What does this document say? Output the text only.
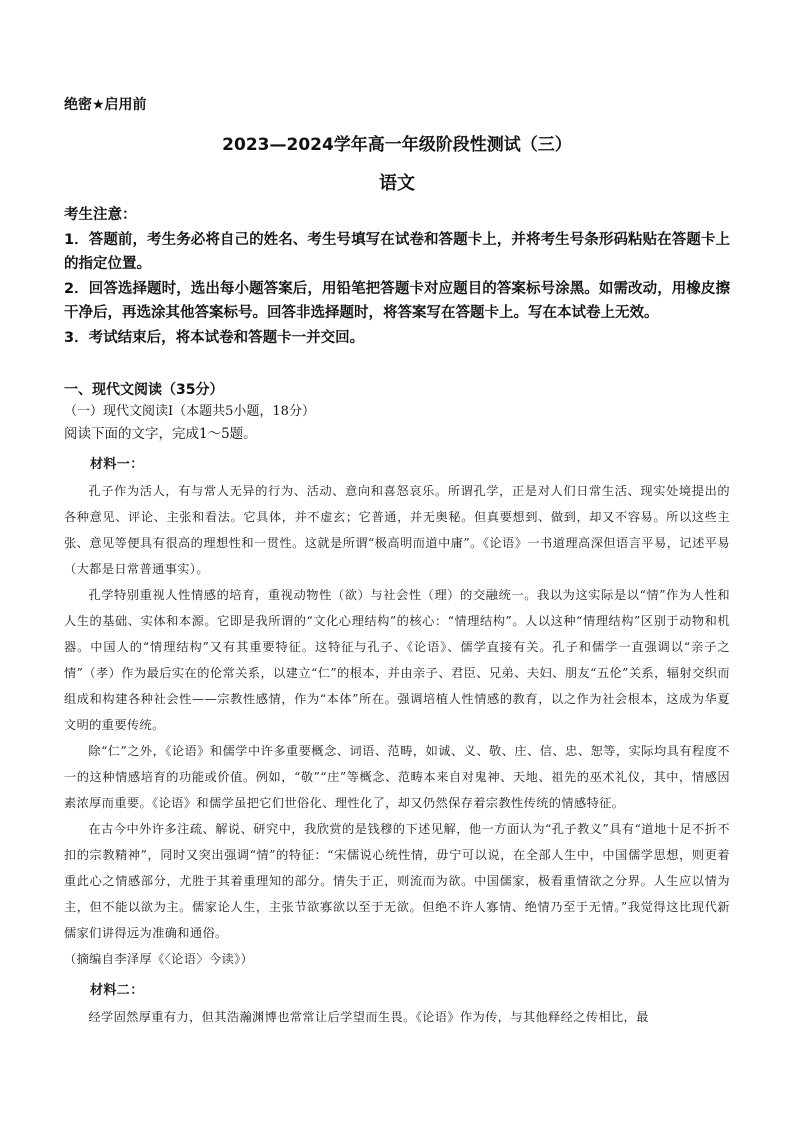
绝密★启用前
2023—2024学年高一年级阶段性测试（三）
语文

考生注意：

1．答题前，考生务必将自己的姓名、考生号填写在试卷和答题卡上，并将考生号条形码粘贴在答题卡上的指定位置。

2．回答选择题时，选出每小题答案后，用铅笔把答题卡对应题目的答案标号涂黑。如需改动，用橡皮擦干净后，再选涂其他答案标号。回答非选择题时，将答案写在答题卡上。写在本试卷上无效。

3．考试结束后，将本试卷和答题卡一并交回。

一、现代文阅读（35分）

（一）现代文阅读Ⅰ（本题共5小题，18分）

阅读下面的文字，完成1～5题。

材料一：

孔子作为活人，有与常人无异的行为、活动、意向和喜怒哀乐。所谓孔学，正是对人们日常生活、现实处境提出的各种意见、评论、主张和看法。它具体，并不虚玄；它普通，并无奥秘。但真要想到、做到，却又不容易。所以这些主张、意见等便具有很高的理想性和一贯性。这就是所谓“极高明而道中庸”。《论语》一书道理高深但语言平易，记述平易（大都是日常普通事实）。

孔学特别重视人性情感的培育，重视动物性（欲）与社会性（理）的交融统一。我以为这实际是以“情”作为人性和人生的基础、实体和本源。它即是我所谓的“文化心理结构”的核心：“情理结构”。人以这种“情理结构”区别于动物和机器。中国人的“情理结构”又有其重要特征。这特征与孔子、《论语》、儒学直接有关。孔子和儒学一直强调以“亲子之情”（孝）作为最后实在的伦常关系，以建立“仁”的根本，并由亲子、君臣、兄弟、夫妇、朋友“五伦”关系，辐射交织而组成和构建各种社会性——宗教性感情，作为“本体”所在。强调培植人性情感的教育，以之作为社会根本，这成为华夏文明的重要传统。

除“仁”之外，《论语》和儒学中许多重要概念、词语、范畴，如诚、义、敬、庄、信、忠、恕等，实际均具有程度不一的这种情感培育的功能或价值。例如，“敬”“庄”等概念、范畴本来自对鬼神、天地、祖先的巫术礼仪，其中，情感因素浓厚而重要。《论语》和儒学虽把它们世俗化、理性化了，却又仍然保存着宗教性传统的情感特征。

在古今中外许多注疏、解说、研究中，我欣赏的是钱穆的下述见解，他一方面认为“孔子教义”具有“道地十足不折不扣的宗教精神”，同时又突出强调“情”的特征：“宋儒说心统性情，毋宁可以说，在全部人生中，中国儒学思想，则更着重此心之情感部分，尤胜于其着重理知的部分。情失于正，则流而为欲。中国儒家，极看重情欲之分界。人生应以情为主，但不能以欲为主。儒家论人生，主张节欲寡欲以至于无欲。但绝不许人寡情、绝情乃至于无情。”我觉得这比现代新儒家们讲得远为准确和通俗。

（摘编自李泽厚《〈论语〉今读》）

材料二：

经学固然厚重有力，但其浩瀚渊博也常常让后学望而生畏。《论语》作为传，与其他释经之传相比，最
